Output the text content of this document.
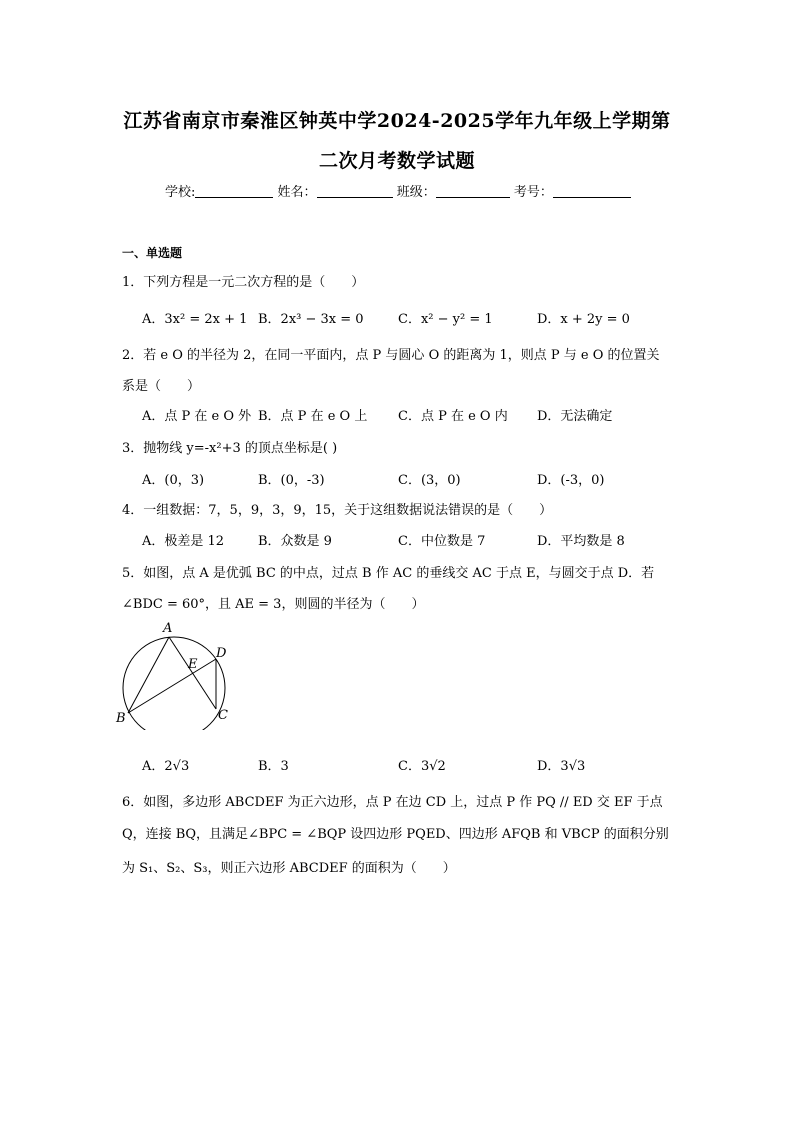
江苏省南京市秦淮区钟英中学2024-2025学年九年级上学期第
二次月考数学试题
学校:	姓名：	班级：	考号：
一、单选题
1．下列方程是一元二次方程的是（　　）
A．3x² = 2x + 1 B．2x³ − 3x = 0	C．x² − y² = 1	D．x + 2y = 0
2．若 e O 的半径为 2，在同一平面内，点 P 与圆心 O 的距离为 1，则点 P 与 e O 的位置关
系是（　　）
A．点 P 在 e O 外 B．点 P 在 e O 上 C．点 P 在 e O 内 D．无法确定
3．抛物线 y=-x²+3 的顶点坐标是( )
A．(0，3)	B．(0，-3)	C．(3，0)	D．(-3，0)
4．一组数据：7，5，9，3，9，15，关于这组数据说法错误的是（　　）
A．极差是 12	B．众数是 9	C．中位数是 7	D．平均数是 8
5．如图，点 A 是优弧 BC 的中点，过点 B 作 AC 的垂线交 AC 于点 E，与圆交于点 D．若
∠BDC = 60°，且 AE = 3，则圆的半径为（　　）
A
B	C
D
E
A．2√3	B．3	C．3√2	D．3√3
6．如图，多边形 ABCDEF 为正六边形，点 P 在边 CD 上，过点 P 作 PQ // ED 交 EF 于点
Q，连接 BQ，且满足∠BPC = ∠BQP 设四边形 PQED、四边形 AFQB 和 VBCP 的面积分别
为 S₁、S₂、S₃，则正六边形 ABCDEF 的面积为（　　）
